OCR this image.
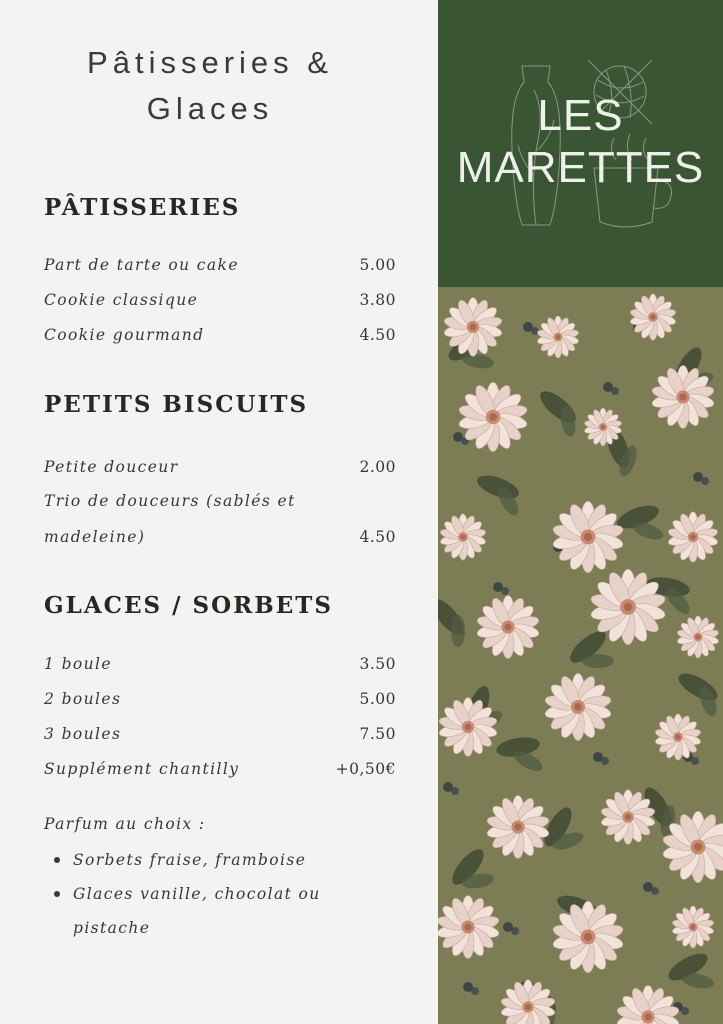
Pâtisseries &
Glaces
PÂTISSERIES
Part de tarte ou cake	5.00
Cookie classique	3.80
Cookie gourmand	4.50
PETITS BISCUITS
Petite douceur	2.00
Trio de douceurs (sablés et
madeleine)	4.50
GLACES / SORBETS
1 boule	3.50
2 boules	5.00
3 boules	7.50
Supplément chantilly	+0,50€
Parfum au choix :
Sorbets fraise, framboise
Glaces vanille, chocolat ou
pistache
LES
MARETTES
